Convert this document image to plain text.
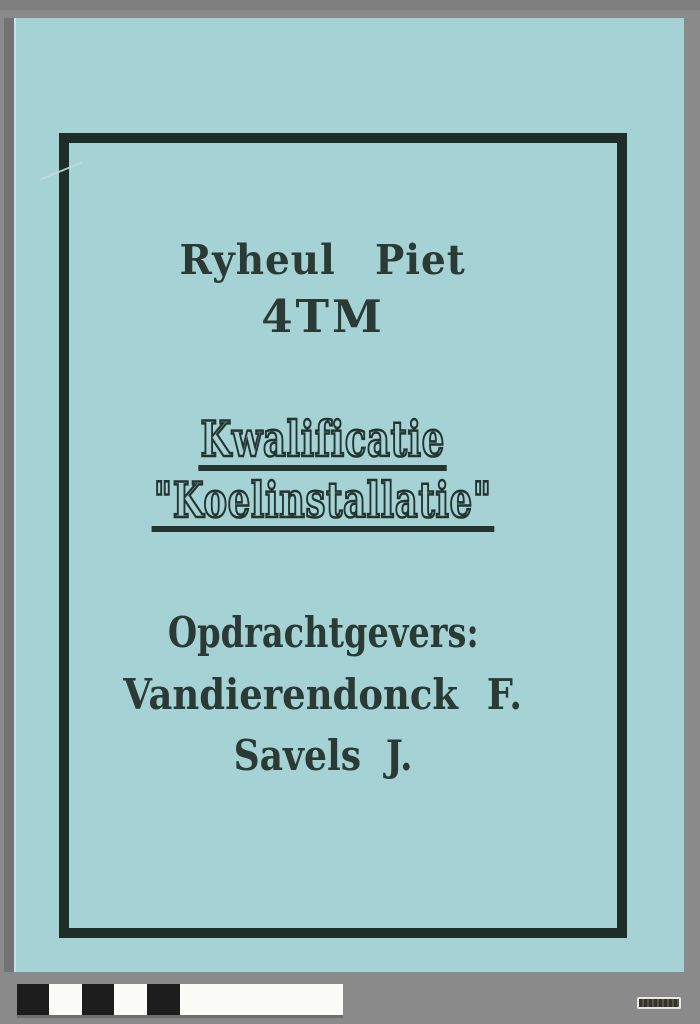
Ryheul Piet
4TM
Kwalificatie
"Koelinstallatie"
Opdrachtgevers:
Vandierendonck F.
Savels J.
